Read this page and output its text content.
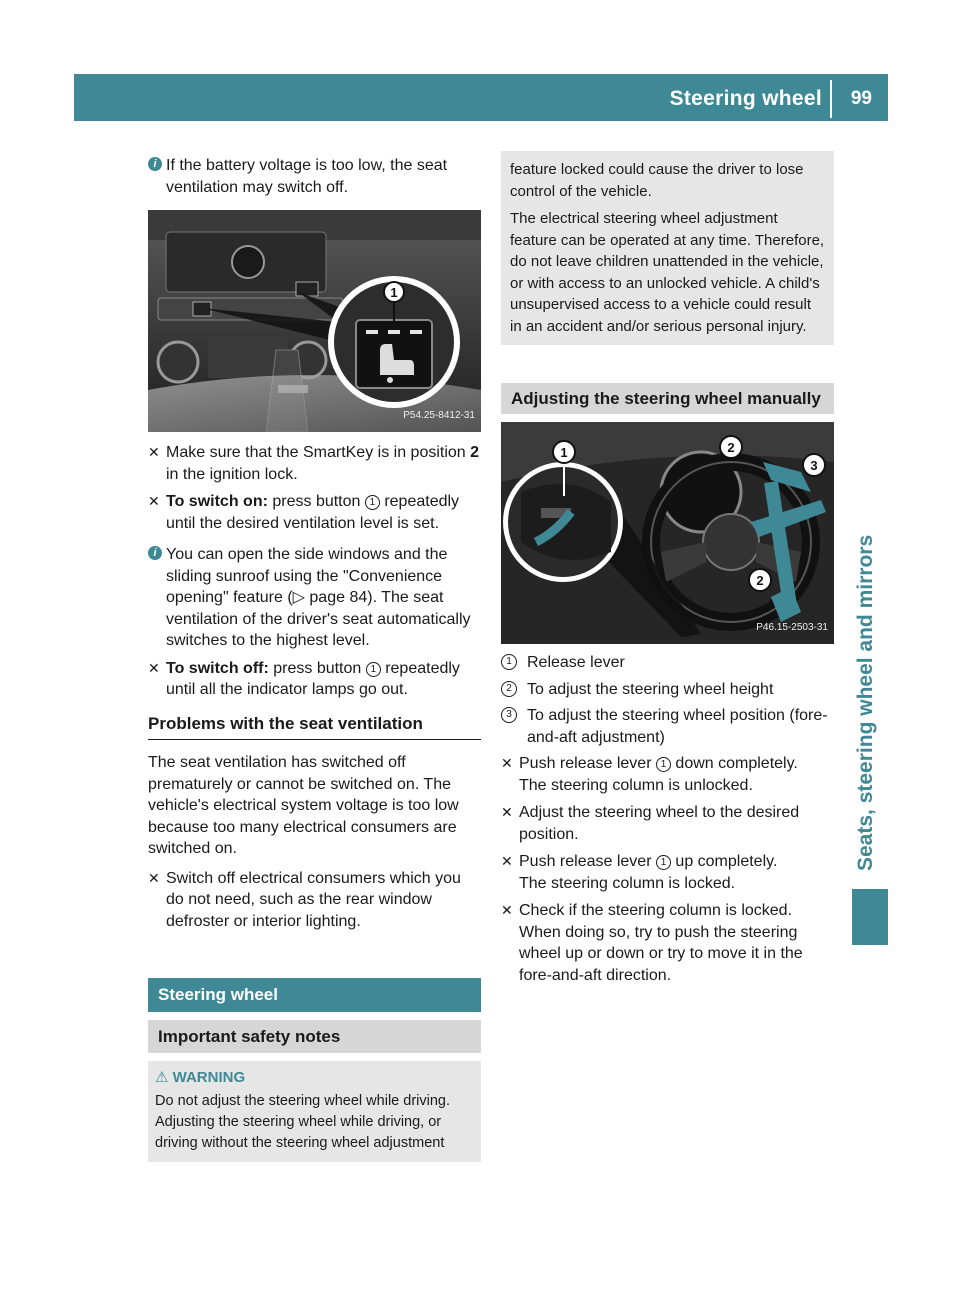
Steering wheel 99
Seats, steering wheel and mirrors
i If the battery voltage is too low, the seat ventilation may switch off.
1
P54.25-8412-31
✕ Make sure that the SmartKey is in position 2 in the ignition lock.
✕ To switch on: press button 1 repeatedly until the desired ventilation level is set.
i You can open the side windows and the sliding sunroof using the "Convenience opening" feature (▷ page 84). The seat ventilation of the driver's seat automatically switches to the highest level.
✕ To switch off: press button 1 repeatedly until all the indicator lamps go out.
Problems with the seat ventilation

The seat ventilation has switched off prematurely or cannot be switched on. The vehicle's electrical system voltage is too low because too many electrical consumers are switched on.

✕ Switch off electrical consumers which you do not need, such as the rear window defroster or interior lighting.
Steering wheel
Important safety notes
⚠ WARNING
Do not adjust the steering wheel while driving. Adjusting the steering wheel while driving, or driving without the steering wheel adjustment

feature locked could cause the driver to lose control of the vehicle.

The electrical steering wheel adjustment feature can be operated at any time. Therefore, do not leave children unattended in the vehicle, or with access to an unlocked vehicle. A child's unsupervised access to a vehicle could result in an accident and/or serious personal injury.

Adjusting the steering wheel manually
1	2
3
2
P46.15-2503-31
1 Release lever
2 To adjust the steering wheel height
3 To adjust the steering wheel position (fore-and-aft adjustment)
✕ Push release lever 1 down completely.
The steering column is unlocked.
✕ Adjust the steering wheel to the desired position.
✕ Push release lever 1 up completely.
The steering column is locked.
✕ Check if the steering column is locked. When doing so, try to push the steering wheel up or down or try to move it in the fore-and-aft direction.
